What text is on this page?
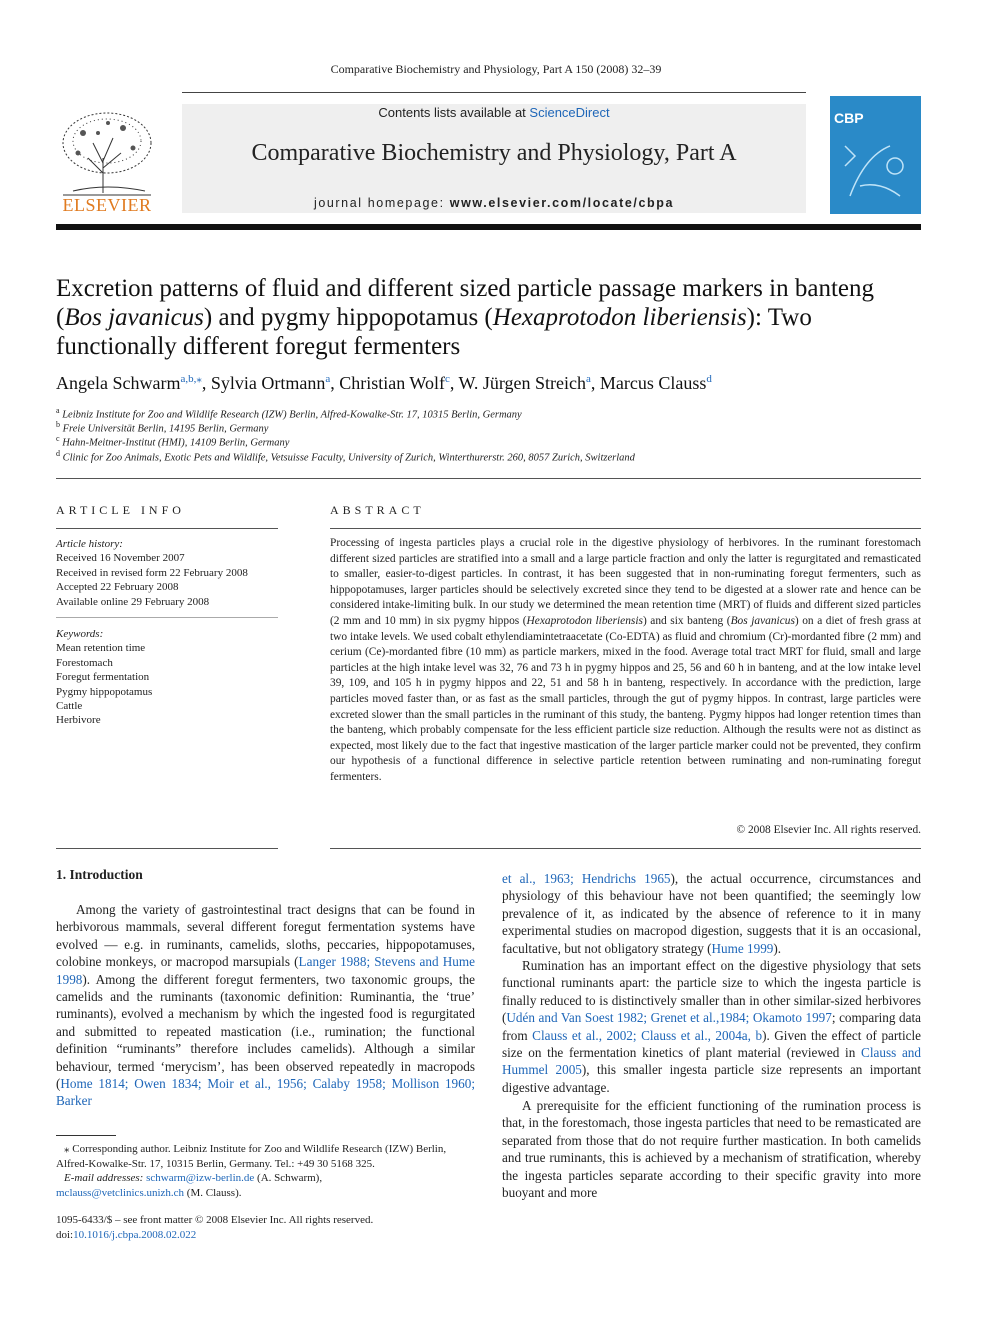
Comparative Biochemistry and Physiology, Part A 150 (2008) 32–39
ELSEVIER
Contents lists available at ScienceDirect
Comparative Biochemistry and Physiology, Part A
journal homepage: www.elsevier.com/locate/cbpa
CBP
Excretion patterns of fluid and different sized particle passage markers in banteng
(Bos javanicus) and pygmy hippopotamus (Hexaprotodon liberiensis): Two
functionally different foregut fermenters
Angela Schwarm$^{a,b,⁎}$, Sylvia Ortmann$^a$, Christian Wolf$^c$, W. Jürgen Streich$^a$, Marcus Clauss$^d$
$^a$ Leibniz Institute for Zoo and Wildlife Research (IZW) Berlin, Alfred-Kowalke-Str. 17, 10315 Berlin, Germany
$^b$ Freie Universität Berlin, 14195 Berlin, Germany
$^c$ Hahn-Meitner-Institut (HMI), 14109 Berlin, Germany
$^d$ Clinic for Zoo Animals, Exotic Pets and Wildlife, Vetsuisse Faculty, University of Zurich, Winterthurerstr. 260, 8057 Zurich, Switzerland
ARTICLE INFO
Article history:
Received 16 November 2007
Received in revised form 22 February 2008
Accepted 22 February 2008
Available online 29 February 2008
Keywords:
Mean retention time
Forestomach
Foregut fermentation
Pygmy hippopotamus
Cattle
Herbivore
ABSTRACT
Processing of ingesta particles plays a crucial role in the digestive physiology of herbivores. In the ruminant forestomach different sized particles are stratified into a small and a large particle fraction and only the latter is regurgitated and remasticated to smaller, easier-to-digest particles. In contrast, it has been suggested that in non-ruminating foregut fermenters, such as hippopotamuses, larger particles should be selectively excreted since they tend to be digested at a slower rate and hence can be considered intake-limiting bulk. In our study we determined the mean retention time (MRT) of fluids and different sized particles (2 mm and 10 mm) in six pygmy hippos (Hexaprotodon liberiensis) and six banteng (Bos javanicus) on a diet of fresh grass at two intake levels. We used cobalt ethylendiamintetraacetate (Co-EDTA) as fluid and chromium (Cr)-mordanted fibre (2 mm) and cerium (Ce)-mordanted fibre (10 mm) as particle markers, mixed in the food. Average total tract MRT for fluid, small and large particles at the high intake level was 32, 76 and 73 h in pygmy hippos and 25, 56 and 60 h in banteng, and at the low intake level 39, 109, and 105 h in pygmy hippos and 22, 51 and 58 h in banteng, respectively. In accordance with the prediction, large particles moved faster than, or as fast as the small particles, through the gut of pygmy hippos. In contrast, large particles were excreted slower than the small particles in the ruminant of this study, the banteng. Pygmy hippos had longer retention times than the banteng, which probably compensate for the less efficient particle size reduction. Although the results were not as distinct as expected, most likely due to the fact that ingestive mastication of the larger particle marker could not be prevented, they confirm our hypothesis of a functional difference in selective particle retention between ruminating and non-ruminating foregut fermenters.
© 2008 Elsevier Inc. All rights reserved.
1. Introduction
Among the variety of gastrointestinal tract designs that can be found in herbivorous mammals, several different foregut fermentation systems have evolved — e.g. in ruminants, camelids, sloths, peccaries, hippopotamuses, colobine monkeys, or macropod marsupials (Langer 1988; Stevens and Hume 1998). Among the different foregut fermenters, two taxonomic groups, the camelids and the ruminants (taxonomic definition: Ruminantia, the ‘true’ ruminants), evolved a mechanism by which the ingested food is regurgitated and submitted to repeated mastication (i.e., rumination; the functional definition “ruminants” therefore includes camelids). Although a similar behaviour, termed ‘merycism’, has been observed repeatedly in macropods (Home 1814; Owen 1834; Moir et al., 1956; Calaby 1958; Mollison 1960; Barker
et al., 1963; Hendrichs 1965), the actual occurrence, circumstances and physiology of this behaviour have not been quantified; the seemingly low prevalence of it, as indicated by the absence of reference to it in many experimental studies on macropod digestion, suggests that it is an occasional, facultative, but not obligatory strategy (Hume 1999).
Rumination has an important effect on the digestive physiology that sets functional ruminants apart: the particle size to which the ingesta particle is finally reduced to is distinctively smaller than in other similar-sized herbivores (Udén and Van Soest 1982; Grenet et al.,1984; Okamoto 1997; comparing data from Clauss et al., 2002; Clauss et al., 2004a, b). Given the effect of particle size on the fermentation kinetics of plant material (reviewed in Clauss and Hummel 2005), this smaller ingesta particle size represents an important digestive advantage.
A prerequisite for the efficient functioning of the rumination process is that, in the forestomach, those ingesta particles that need to be remasticated are separated from those that do not require further mastication. In both camelids and true ruminants, this is achieved by a mechanism of stratification, whereby the ingesta particles separate according to their specific gravity into more buoyant and more
⁎ Corresponding author. Leibniz Institute for Zoo and Wildlife Research (IZW) Berlin, Alfred-Kowalke-Str. 17, 10315 Berlin, Germany. Tel.: +49 30 5168 325.
E-mail addresses: schwarm@izw-berlin.de (A. Schwarm),
mclauss@vetclinics.unizh.ch (M. Clauss).
1095-6433/$ – see front matter © 2008 Elsevier Inc. All rights reserved.
doi:10.1016/j.cbpa.2008.02.022
